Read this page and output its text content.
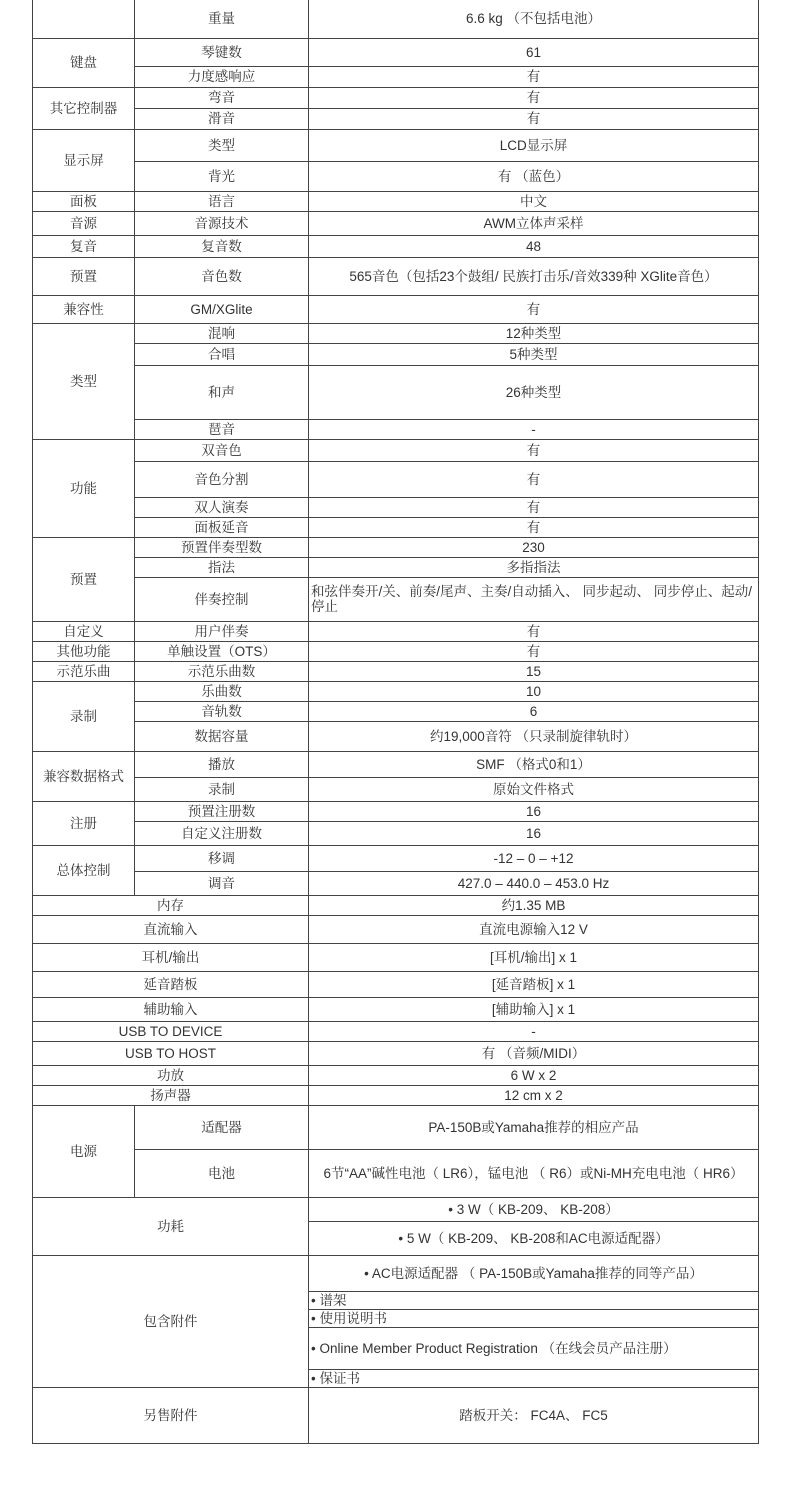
	重量	6.6 kg （不包括电池）
键盘	琴键数	61
	力度感响应	有
其它控制器	弯音	有
	滑音	有
显示屏	类型	LCD显示屏
	背光	有 （蓝色）
面板	语言	中文
音源	音源技术	AWM立体声采样
复音	复音数	48
预置	音色数	565音色（包括23个鼓组/ 民族打击乐/音效339种 XGlite音色）
兼容性	GM/XGlite	有
类型	混响	12种类型
	合唱	5种类型
	和声	26种类型
	琶音	-
功能	双音色	有
	音色分割	有
	双人演奏	有
	面板延音	有
预置	预置伴奏型数	230
	指法	多指指法
	伴奏控制	和弦伴奏开/关、前奏/尾声、主奏/自动插入、 同步起动、 同步停止、起动/停止
自定义	用户伴奏	有
其他功能	单触设置（OTS）	有
示范乐曲	示范乐曲数	15
录制	乐曲数	10
	音轨数	6
	数据容量	约19,000音符 （只录制旋律轨时）
兼容数据格式	播放	SMF （格式0和1）
	录制	原始文件格式
注册	预置注册数	16
	自定义注册数	16
总体控制	移调	-12 – 0 – +12
	调音	427.0 – 440.0 – 453.0 Hz
内存		约1.35 MB
直流输入		直流电源输入12 V
耳机/输出		[耳机/输出] x 1
延音踏板		[延音踏板] x 1
辅助输入		[辅助输入] x 1
USB TO DEVICE		-
USB TO HOST		有 （音频/MIDI）
功放		6 W x 2
扬声器		12 cm x 2
电源	适配器	PA-150B或Yamaha推荐的相应产品
	电池	6节“AA”碱性电池（ LR6），锰电池 （ R6）或Ni-MH充电电池（ HR6）
功耗		• 3 W（ KB-209、 KB-208）
		• 5 W（ KB-209、 KB-208和AC电源适配器）
包含附件		• AC电源适配器 （ PA-150B或Yamaha推荐的同等产品）
		• 谱架
		• 使用说明书
		• Online Member Product Registration （在线会员产品注册）
		• 保证书
另售附件		踏板开关： FC4A、 FC5
